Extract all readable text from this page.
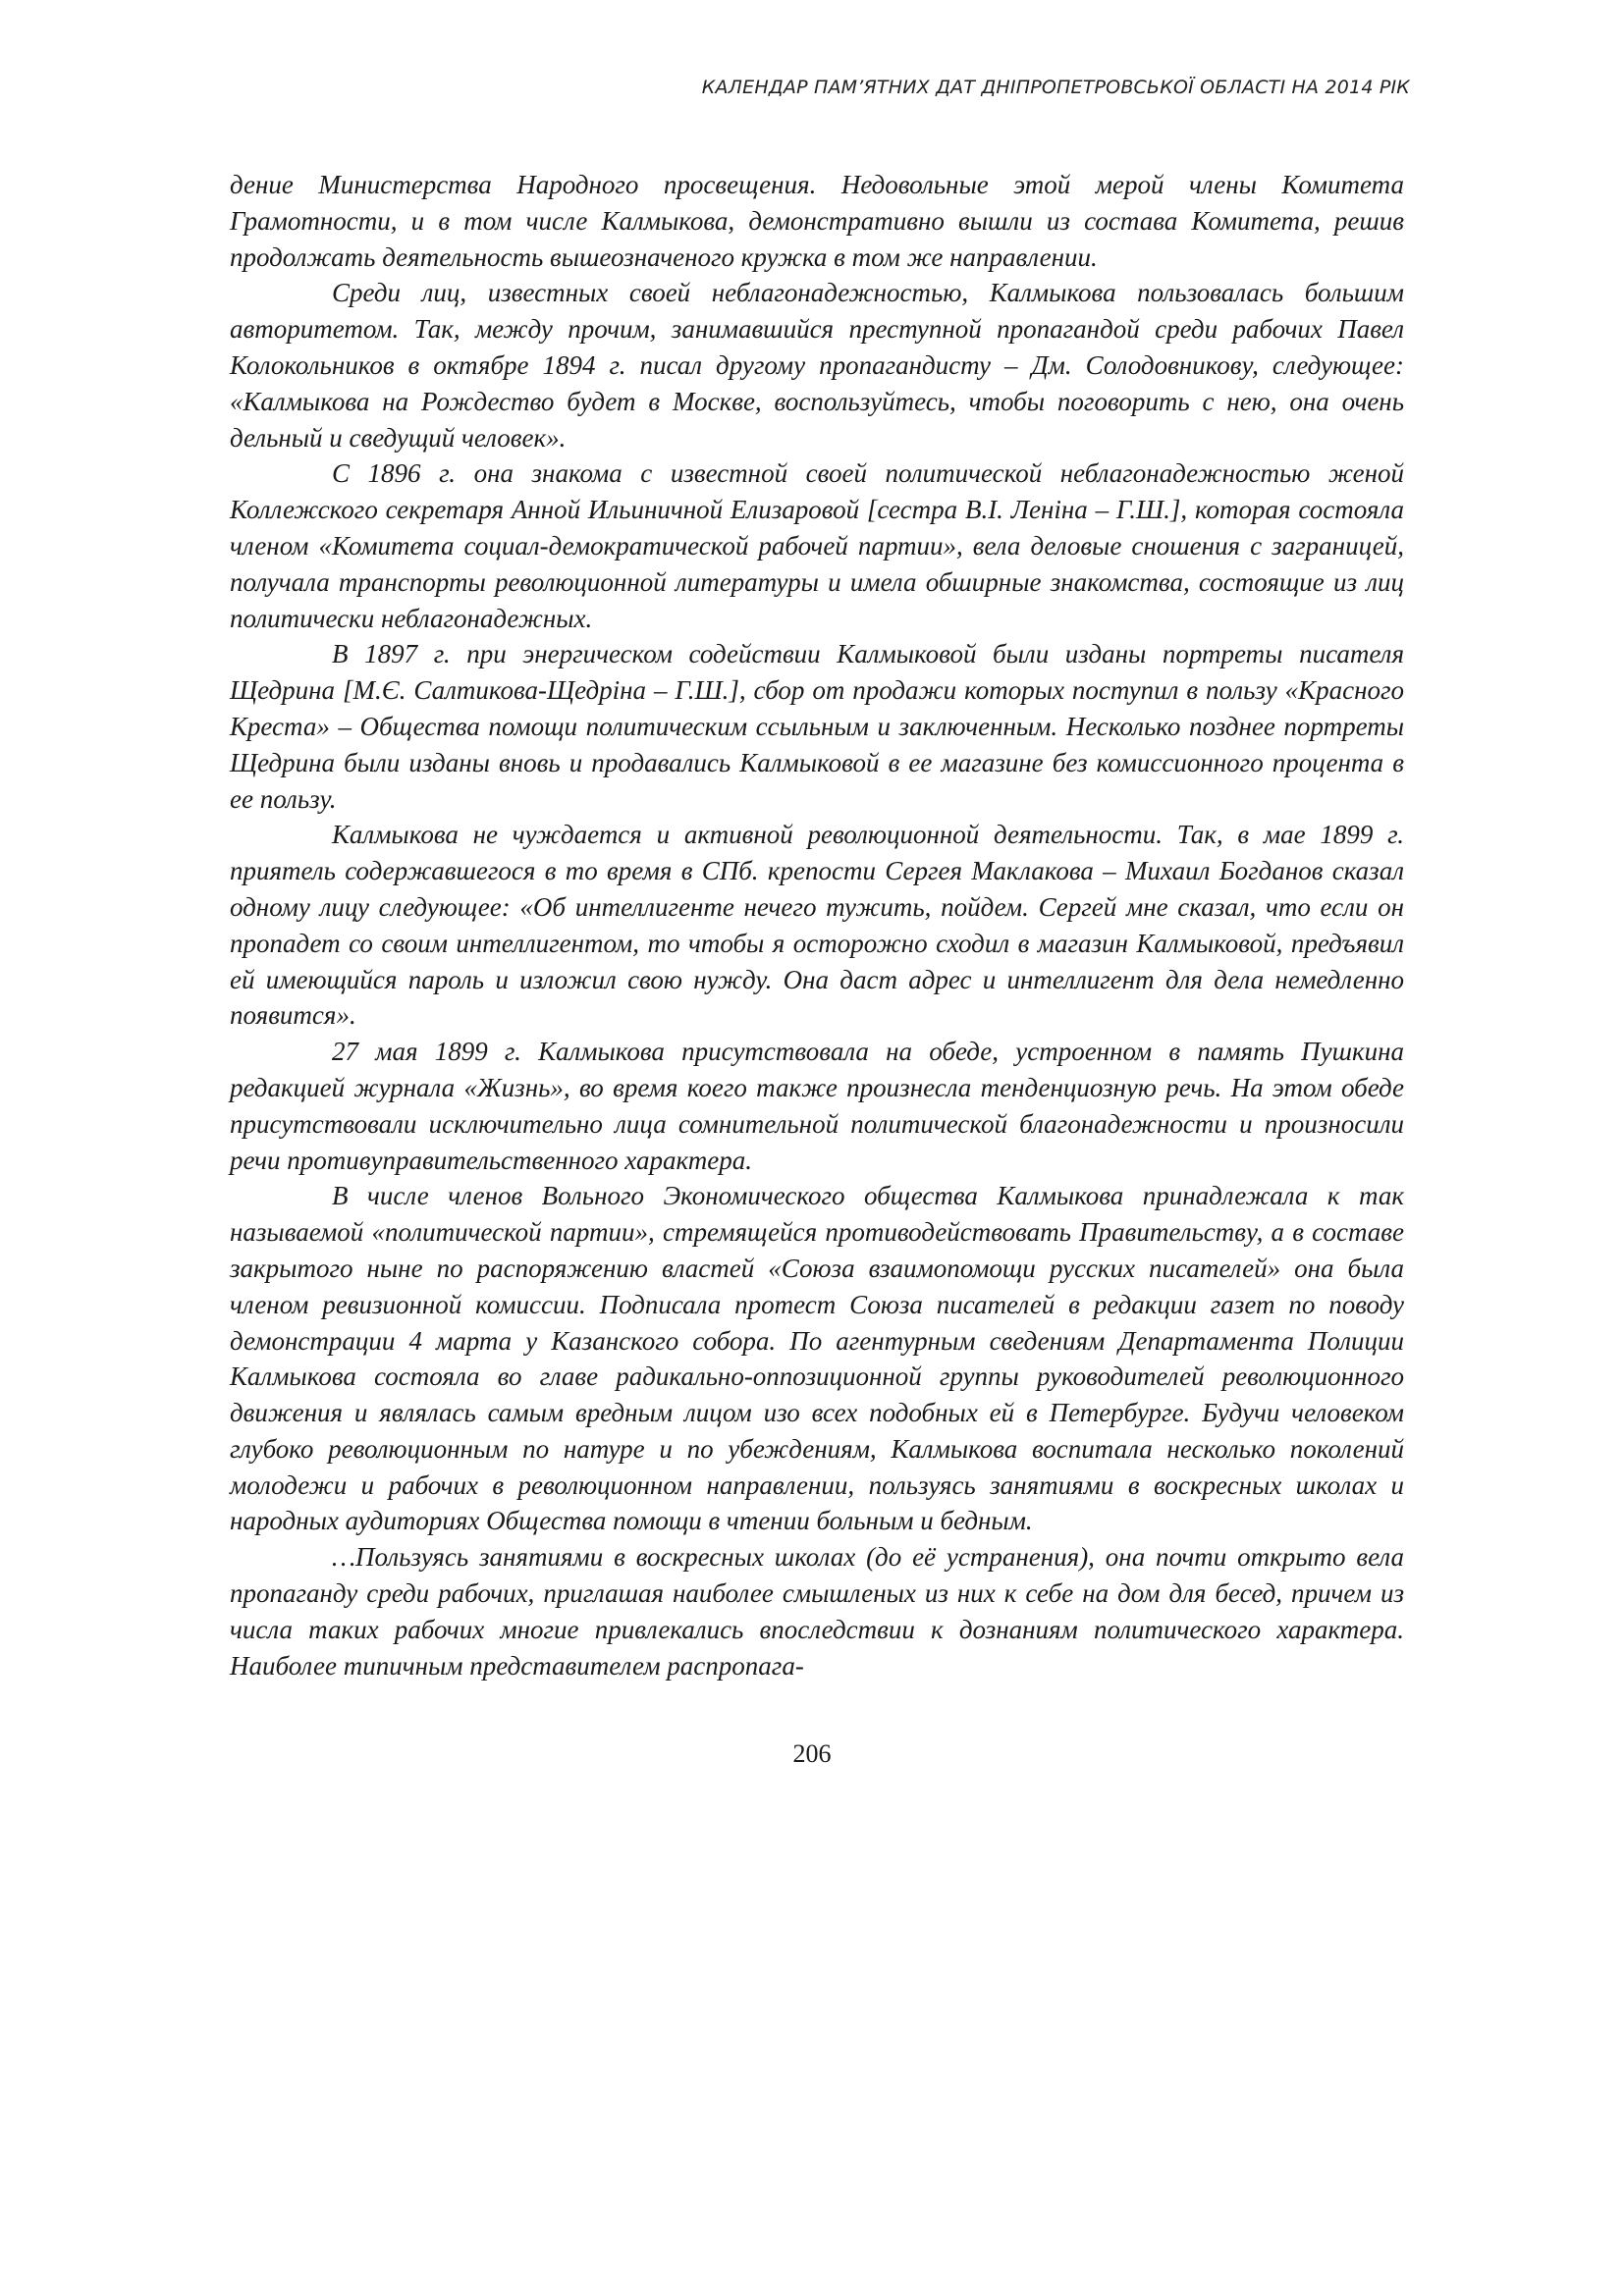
КАЛЕНДАР ПАМ’ЯТНИХ ДАТ ДНІПРОПЕТРОВСЬКОЇ ОБЛАСТІ НА 2014 РІК

дение Министерства Народного просвещения. Недовольные этой мерой члены Комитета Грамотности, и в том числе Калмыкова, демонстративно вышли из состава Комитета, решив продолжать деятельность вышеозначеного кружка в том же направлении.

Среди лиц, известных своей неблагонадежностью, Калмыкова пользовалась большим авторитетом. Так, между прочим, занимавшийся преступной пропагандой среди рабочих Павел Колокольников в октябре 1894 г. писал другому пропагандисту – Дм. Солодовникову, следующее: «Калмыкова на Рождество будет в Москве, воспользуйтесь, чтобы поговорить с нею, она очень дельный и сведущий человек».

С 1896 г. она знакома с известной своей политической неблагонадежностью женой Коллежского секретаря Анной Ильиничной Елизаровой [сестра В.І. Леніна – Г.Ш.], которая состояла членом «Комитета социал-демократической рабочей партии», вела деловые сношения с заграницей, получала транспорты революционной литературы и имела обширные знакомства, состоящие из лиц политически неблагонадежных.

В 1897 г. при энергическом содействии Калмыковой были изданы портреты писателя Щедрина [М.Є. Салтикова-Щедріна – Г.Ш.], сбор от продажи которых поступил в пользу «Красного Креста» – Общества помощи политическим ссыльным и заключенным. Несколько позднее портреты Щедрина были изданы вновь и продавались Калмыковой в ее магазине без комиссионного процента в ее пользу.

Калмыкова не чуждается и активной революционной деятельности. Так, в мае 1899 г. приятель содержавшегося в то время в СПб. крепости Сергея Маклакова – Михаил Богданов сказал одному лицу следующее: «Об интеллигенте нечего тужить, пойдем. Сергей мне сказал, что если он пропадет со своим интеллигентом, то чтобы я осторожно сходил в магазин Калмыковой, предъявил ей имеющийся пароль и изложил свою нужду. Она даст адрес и интеллигент для дела немедленно появится».

27 мая 1899 г. Калмыкова присутствовала на обеде, устроенном в память Пушкина редакцией журнала «Жизнь», во время коего также произнесла тенденциозную речь. На этом обеде присутствовали исключительно лица сомнительной политической благонадежности и произносили речи противуправительственного характера.

В числе членов Вольного Экономического общества Калмыкова принадлежала к так называемой «политической партии», стремящейся противодействовать Правительству, а в составе закрытого ныне по распоряжению властей «Союза взаимопомощи русских писателей» она была членом ревизионной комиссии. Подписала протест Союза писателей в редакции газет по поводу демонстрации 4 марта у Казанского собора. По агентурным сведениям Департамента Полиции Калмыкова состояла во главе радикально-оппозиционной группы руководителей революционного движения и являлась самым вредным лицом изо всех подобных ей в Петербурге. Будучи человеком глубоко революционным по натуре и по убеждениям, Калмыкова воспитала несколько поколений молодежи и рабочих в революционном направлении, пользуясь занятиями в воскресных школах и народных аудиториях Общества помощи в чтении больным и бедным.

…Пользуясь занятиями в воскресных школах (до её устранения), она почти открыто вела пропаганду среди рабочих, приглашая наиболее смышленых из них к себе на дом для бесед, причем из числа таких рабочих многие привлекались впоследствии к дознаниям политического характера. Наиболее типичным представителем распропага-

206
